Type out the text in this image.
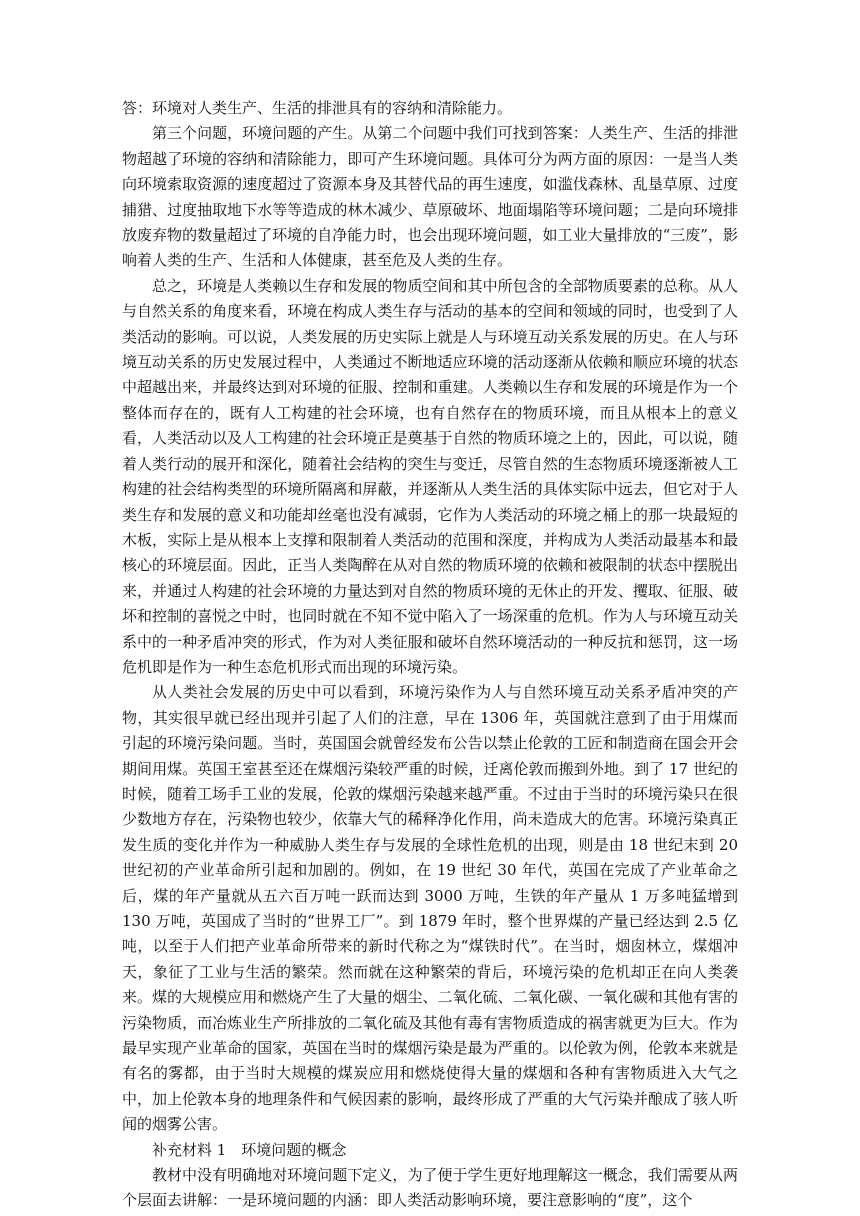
答：环境对人类生产、生活的排泄具有的容纳和清除能力。

第三个问题，环境问题的产生。从第二个问题中我们可找到答案：人类生产、生活的排泄物超越了环境的容纳和清除能力，即可产生环境问题。具体可分为两方面的原因：一是当人类向环境索取资源的速度超过了资源本身及其替代品的再生速度，如滥伐森林、乱垦草原、过度捕猎、过度抽取地下水等等造成的林木减少、草原破坏、地面塌陷等环境问题；二是向环境排放废弃物的数量超过了环境的自净能力时，也会出现环境问题，如工业大量排放的“三废”，影响着人类的生产、生活和人体健康，甚至危及人类的生存。

总之，环境是人类赖以生存和发展的物质空间和其中所包含的全部物质要素的总称。从人与自然关系的角度来看，环境在构成人类生存与活动的基本的空间和领域的同时，也受到了人类活动的影响。可以说，人类发展的历史实际上就是人与环境互动关系发展的历史。在人与环境互动关系的历史发展过程中，人类通过不断地适应环境的活动逐渐从依赖和顺应环境的状态中超越出来，并最终达到对环境的征服、控制和重建。人类赖以生存和发展的环境是作为一个整体而存在的，既有人工构建的社会环境，也有自然存在的物质环境，而且从根本上的意义看，人类活动以及人工构建的社会环境正是奠基于自然的物质环境之上的，因此，可以说，随着人类行动的展开和深化，随着社会结构的突生与变迁，尽管自然的生态物质环境逐渐被人工构建的社会结构类型的环境所隔离和屏蔽，并逐渐从人类生活的具体实际中远去，但它对于人类生存和发展的意义和功能却丝毫也没有减弱，它作为人类活动的环境之桶上的那一块最短的木板，实际上是从根本上支撑和限制着人类活动的范围和深度，并构成为人类活动最基本和最核心的环境层面。因此，正当人类陶醉在从对自然的物质环境的依赖和被限制的状态中摆脱出来，并通过人构建的社会环境的力量达到对自然的物质环境的无休止的开发、攫取、征服、破坏和控制的喜悦之中时，也同时就在不知不觉中陷入了一场深重的危机。作为人与环境互动关系中的一种矛盾冲突的形式，作为对人类征服和破坏自然环境活动的一种反抗和惩罚，这一场危机即是作为一种生态危机形式而出现的环境污染。

从人类社会发展的历史中可以看到，环境污染作为人与自然环境互动关系矛盾冲突的产物，其实很早就已经出现并引起了人们的注意，早在 1306 年，英国就注意到了由于用煤而引起的环境污染问题。当时，英国国会就曾经发布公告以禁止伦敦的工匠和制造商在国会开会期间用煤。英国王室甚至还在煤烟污染较严重的时候，迁离伦敦而搬到外地。到了 17 世纪的时候，随着工场手工业的发展，伦敦的煤烟污染越来越严重。不过由于当时的环境污染只在很少数地方存在，污染物也较少，依靠大气的稀释净化作用，尚未造成大的危害。环境污染真正发生质的变化并作为一种威胁人类生存与发展的全球性危机的出现，则是由 18 世纪末到 20 世纪初的产业革命所引起和加剧的。例如，在 19 世纪 30 年代，英国在完成了产业革命之后，煤的年产量就从五六百万吨一跃而达到 3000 万吨，生铁的年产量从 1 万多吨猛增到 130 万吨，英国成了当时的“世界工厂”。到 1879 年时，整个世界煤的产量已经达到 2.5 亿吨，以至于人们把产业革命所带来的新时代称之为“煤铁时代”。在当时，烟囱林立，煤烟冲天，象征了工业与生活的繁荣。然而就在这种繁荣的背后，环境污染的危机却正在向人类袭来。煤的大规模应用和燃烧产生了大量的烟尘、二氧化硫、二氧化碳、一氧化碳和其他有害的污染物质，而冶炼业生产所排放的二氧化硫及其他有毒有害物质造成的祸害就更为巨大。作为最早实现产业革命的国家，英国在当时的煤烟污染是最为严重的。以伦敦为例，伦敦本来就是有名的雾都，由于当时大规模的煤炭应用和燃烧使得大量的煤烟和各种有害物质进入大气之中，加上伦敦本身的地理条件和气候因素的影响，最终形成了严重的大气污染并酿成了骇人听闻的烟雾公害。

补充材料 1　环境问题的概念

教材中没有明确地对环境问题下定义，为了便于学生更好地理解这一概念，我们需要从两个层面去讲解：一是环境问题的内涵：即人类活动影响环境，要注意影响的“度”，这个
